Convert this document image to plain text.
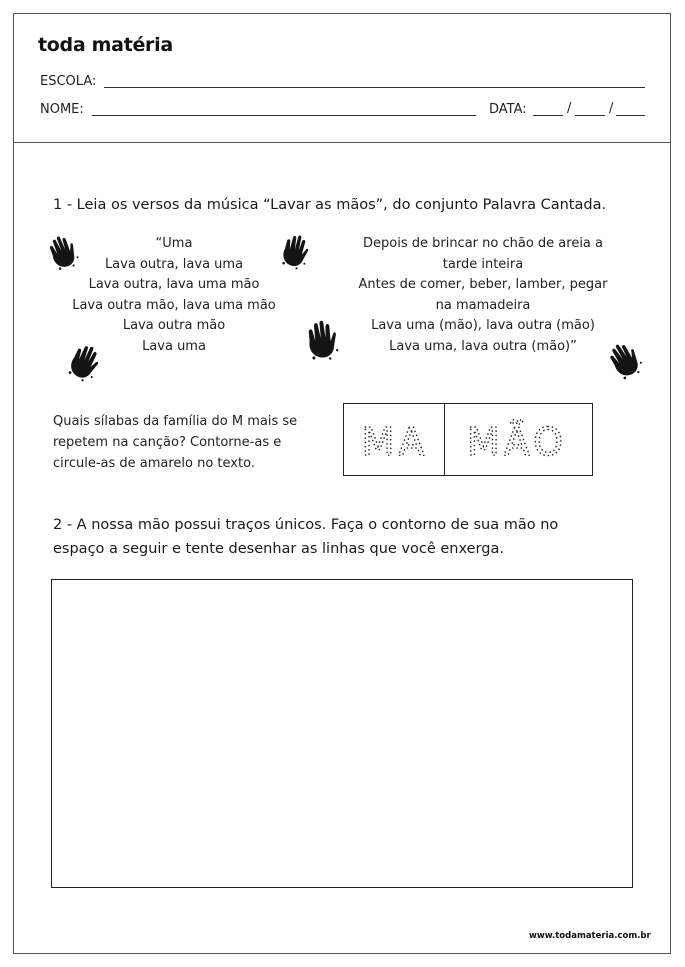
toda matéria
ESCOLA:
NOME:	DATA:	/	/
1 - Leia os versos da música “Lavar as mãos”, do conjunto Palavra Cantada.
“Uma
Lava outra, lava uma
Lava outra, lava uma mão
Lava outra mão, lava uma mão
Lava outra mão
Lava uma
Depois de brincar no chão de areia a
tarde inteira
Antes de comer, beber, lamber, pegar
na mamadeira
Lava uma (mão), lava outra (mão)
Lava uma, lava outra (mão)”
Quais sílabas da família do M mais se
repetem na canção? Contorne-as e
circule-as de amarelo no texto.	MA MÃO
2 - A nossa mão possui traços únicos. Faça o contorno de sua mão no
espaço a seguir e tente desenhar as linhas que você enxerga.
www.todamateria.com.br
